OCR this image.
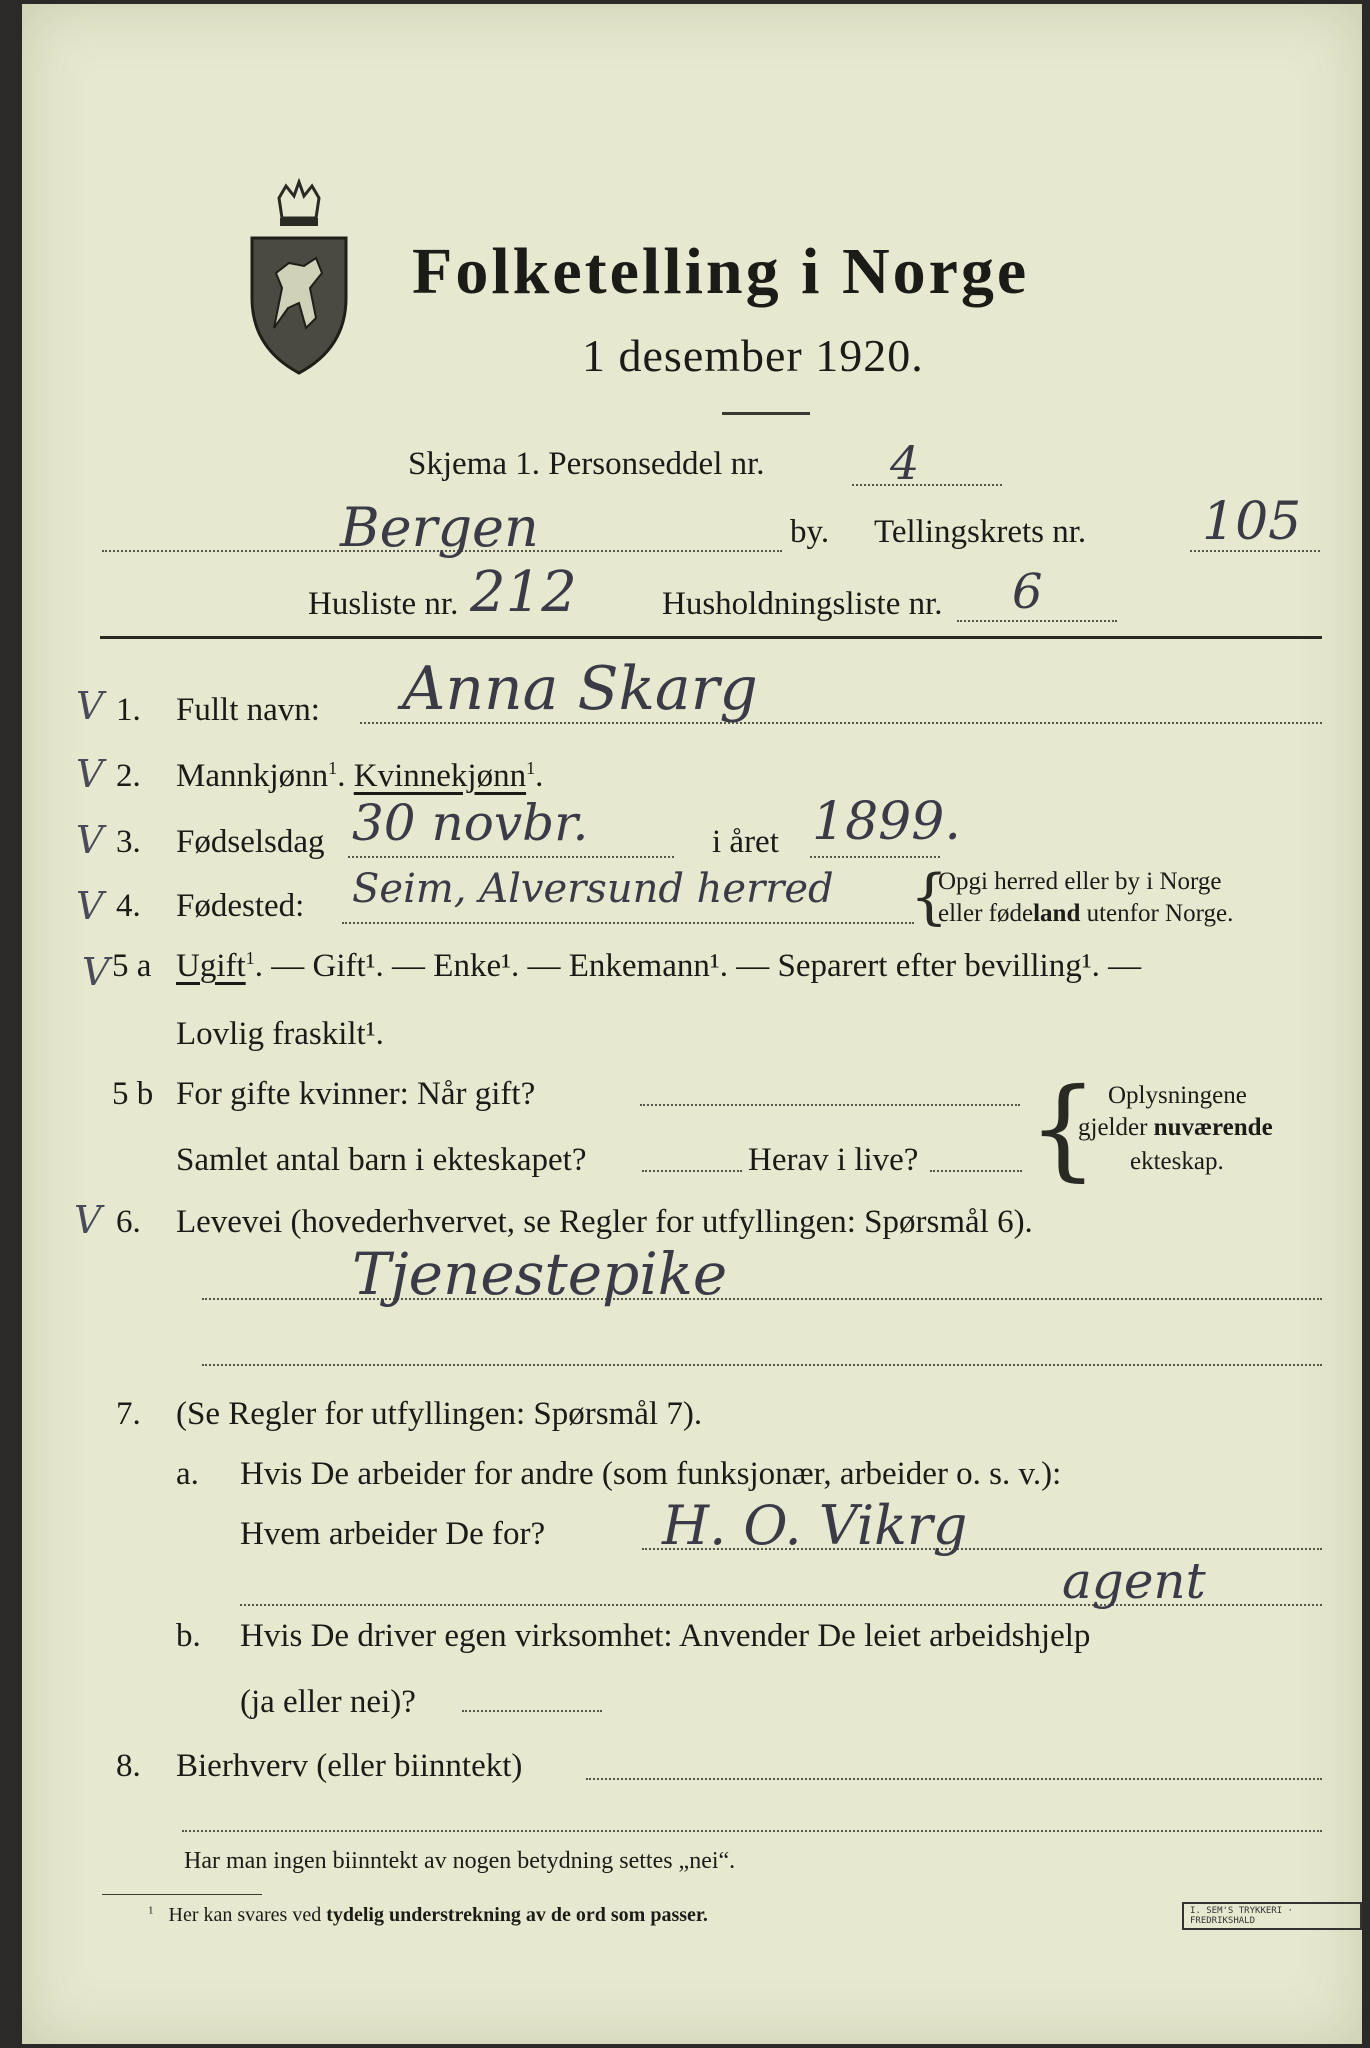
Folketelling i Norge
1 desember 1920.
Skjema 1. Personseddel nr.	4
Bergen	by. Tellingskrets nr. 105
Husliste nr. 212	Husholdningsliste nr. 6
V
V
V
V
V
V
1. Fullt navn: Anna Skarg
2. Mannkjønn$^1$. Kvinnekjønn$^1$.
3. Fødselsdag 30 novbr.	i året 1899.
4. Fødested: Seim, Alversund herred {
Opgi herred eller by i Norge
eller fødeland utenfor Norge.
5 a Ugift$^1$. — Gift¹. — Enke¹. — Enkemann¹. — Separert efter bevilling¹. —
Lovlig fraskilt¹.
5 b For gifte kvinner: Når gift?
Samlet antal barn i ekteskapet?	Herav i live? { Oplysningene
gjelder nuværende
ekteskap.
6. Levevei (hovederhvervet, se Regler for utfyllingen: Spørsmål 6).
Tjenestepike
7. (Se Regler for utfyllingen: Spørsmål 7).
a. Hvis De arbeider for andre (som funksjonær, arbeider o. s. v.):
Hvem arbeider De for? H. O. Vikrg
agent
b. Hvis De driver egen virksomhet: Anvender De leiet arbeidshjelp
(ja eller nei)?
8. Bierhverv (eller biinntekt)
Har man ingen biinntekt av nogen betydning settes „nei“.
$^1$ Her kan svares ved tydelig understrekning av de ord som passer.	I. SEM'S TRYKKERI · FREDRIKSHALD
